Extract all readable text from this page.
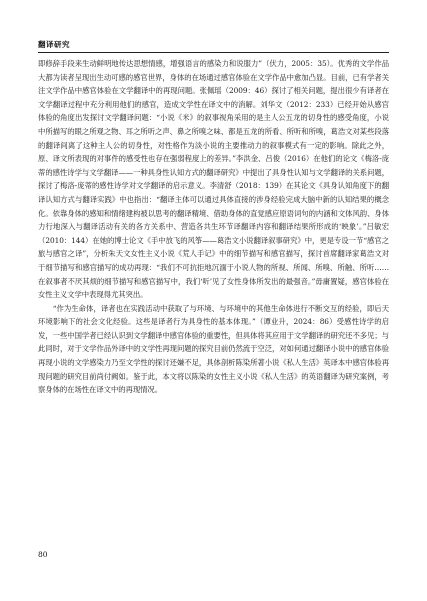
翻译研究

即修辞手段来生动鲜明地传达思想情感，增强语言的感染力和说服力”（伏力，2005：35）。优秀的文学作品大都为读者呈现出生动可感的感官世界，身体的在场通过感官体验在文学作品中愈加凸显。目前，已有学者关注文学作品中感官体验在文学翻译中的再现问题。张佩瑶（2009：46）探讨了相关问题，提出很少有译者在文学翻译过程中充分利用他们的感官，造成文学性在译文中的消解。刘华文（2012：233）已经开始从感官体验的角度出发探讨文学翻译问题：“小说《米》的叙事视角采用的是主人公五龙的切身性的感受角度，小说中所描写的眼之所观之物、耳之所听之声、鼻之所嗅之味、都是五龙的所看、所听和所嗅，葛浩文对某些段落的翻译间离了这种主人公的切身性，对性格作为淡小说的主要推动力的叙事模式有一定的影响。除此之外，原、译文所表现的对事件的感受性也存在强弱程度上的差异。”李洪金、吕俊（2016）在他们的论文《梅洛-庞蒂的感性诗学与文学翻译——一种具身性认知方式的翻译研究》中提出了具身性认知与文学翻译的关系问题，探讨了梅洛-庞蒂的感性诗学对文学翻译的启示意义。李清舒（2018：139）在其论文《具身认知角度下的翻译认知方式与翻译实践》中也指出：“翻译主体可以通过具体直接的涉身经验完成大脑中新的认知结果的概念化。依靠身体的感知和情绪建构被以思考的翻译精境、借助身体的直觉感应原语词句的内涵和文体风韵、身体力行地深入与翻译活动有关的各方关系中、营造各共生环节译翻译内容和翻译结果所形成的‘映象’。”吕敏宏（2010：144）在她的博士论文《手中放飞的风筝——葛浩文小说翻译叙事研究》中，更是专设一节“感官之旅与感官之译”，分析朱天文女性主义小说《荒人手记》中的细节描写和感官描写，探讨首席翻译家葛浩文对于细节描写和感官描写的成功再现：“我们不可抗拒地沉湎于小说人物的所视、所闻、所嗅、所触、所听……在叙事者不厌其烦的细节描写和感官描写中，我们‘听’见了女性身体所发出的最强音。”毋庸置疑，感官体验在女性主义文学中表现得尤其突出。

“作为生命体，译者也在实践活动中获取了与环境、与环境中的其他生命体进行不断交互的经验，即后天环境影响下的社会文化经验。这些是译者行为具身性的基本体现。”（谭业升，2024：86）受感性诗学的启发，一些中国学者已经认识到文学翻译中感官体验的重要性，但具体将其应用于文学翻译的研究还不多见；与此同时，对于文学作品外译中的文学性再现问题的探究目前仍然流于空泛，对如何通过翻译小说中的感官体验再现小说的文学感染力乃至文学性的探讨还嫌不足，具体剖析陈染所著小说《私人生活》英译本中感官体验再现问题的研究目前尚付阙如。鉴于此，本文将以陈染的女性主义小说《私人生活》的英语翻译为研究案例，考察身体的在场性在译文中的再现情况。

80
